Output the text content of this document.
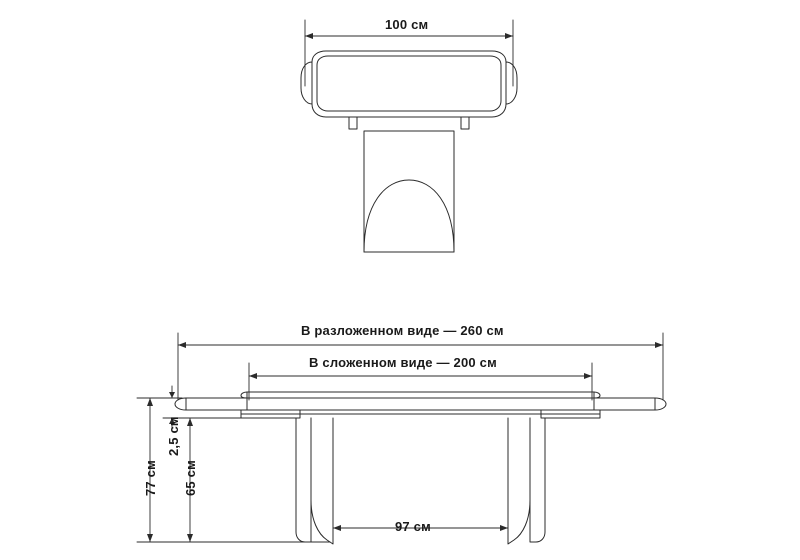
100 см
В разложенном виде — 260 см
В сложенном виде — 200 см
97 см
77 см 65 см
2,5 см
